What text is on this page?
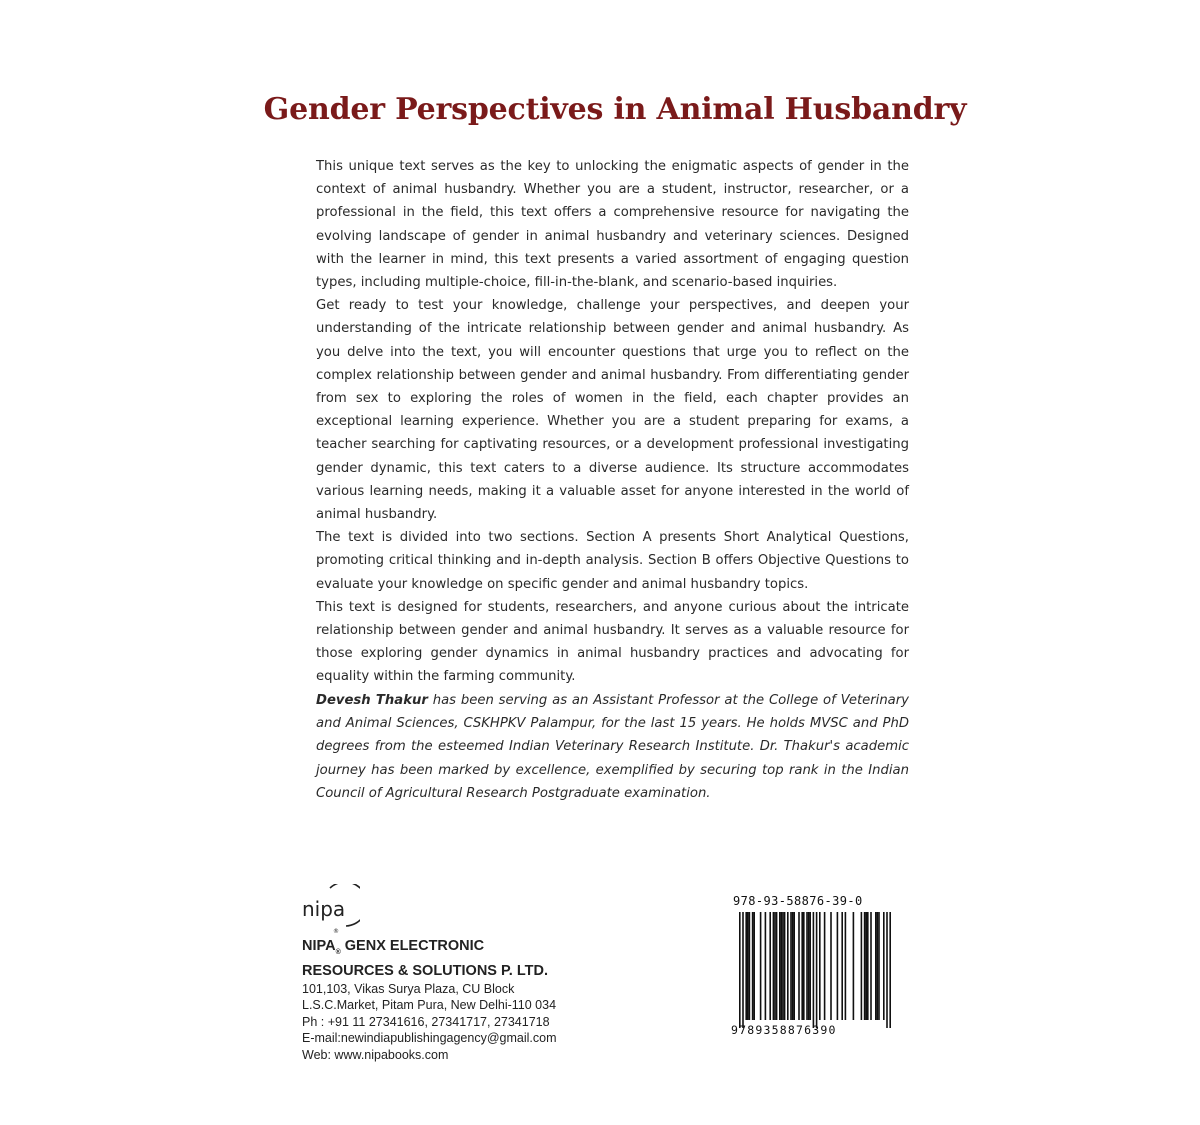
Gender Perspectives in Animal Husbandry

This unique text serves as the key to unlocking the enigmatic aspects of gender in the context of animal husbandry. Whether you are a student, instructor, researcher, or a professional in the field, this text offers a comprehensive resource for navigating the evolving landscape of gender in animal husbandry and veterinary sciences. Designed with the learner in mind, this text presents a varied assortment of engaging question types, including multiple-choice, fill-in-the-blank, and scenario-based inquiries.

Get ready to test your knowledge, challenge your perspectives, and deepen your understanding of the intricate relationship between gender and animal husbandry. As you delve into the text, you will encounter questions that urge you to reflect on the complex relationship between gender and animal husbandry. From differentiating gender from sex to exploring the roles of women in the field, each chapter provides an exceptional learning experience. Whether you are a student preparing for exams, a teacher searching for captivating resources, or a development professional investigating gender dynamic, this text caters to a diverse audience. Its structure accommodates various learning needs, making it a valuable asset for anyone interested in the world of animal husbandry.

The text is divided into two sections. Section A presents Short Analytical Questions, promoting critical thinking and in-depth analysis. Section B offers Objective Questions to evaluate your knowledge on specific gender and animal husbandry topics.

This text is designed for students, researchers, and anyone curious about the intricate relationship between gender and animal husbandry. It serves as a valuable resource for those exploring gender dynamics in animal husbandry practices and advocating for equality within the farming community.

Devesh Thakur has been serving as an Assistant Professor at the College of Veterinary and Animal Sciences, CSKHPKV Palampur, for the last 15 years. He holds MVSC and PhD degrees from the esteemed Indian Veterinary Research Institute. Dr. Thakur's academic journey has been marked by excellence, exemplified by securing top rank in the Indian Council of Agricultural Research Postgraduate examination.

nipa
®
$NIPA_®$ GENX ELECTRONIC
RESOURCES & SOLUTIONS P. LTD.
101,103, Vikas Surya Plaza, CU Block
L.S.C.Market, Pitam Pura, New Delhi-110 034
Ph : +91 11 27341616, 27341717, 27341718
E-mail:newindiapublishingagency@gmail.com
Web: www.nipabooks.com
978-93-58876-39-0
9789358876390
